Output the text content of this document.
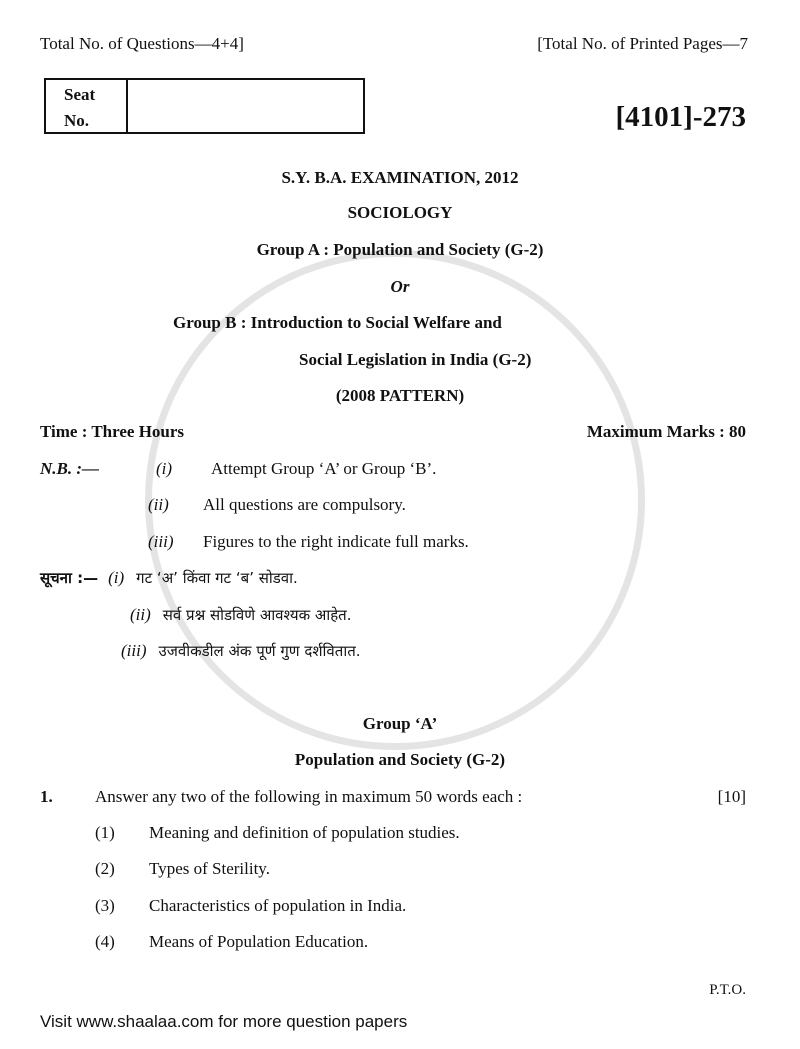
Total No. of Questions—4+4]	[Total No. of Printed Pages—7
Seat
No.	[4101]-273
S.Y. B.A. EXAMINATION, 2012
SOCIOLOGY
Group A : Population and Society (G-2)
Or
Group B : Introduction to Social Welfare and
Social Legislation in India (G-2)
(2008 PATTERN)
Time : Three Hours	Maximum Marks : 80
N.B. :—	(i)	Attempt Group ‘A’ or Group ‘B’.
(ii)	All questions are compulsory.
(iii)	Figures to the right indicate full marks.
सूचना :— (i) गट ‘अ’ किंवा गट ‘ब’ सोडवा.
(ii) सर्व प्रश्न सोडविणे आवश्यक आहेत.
(iii) उजवीकडील अंक पूर्ण गुण दर्शवितात.
Group ‘A’
Population and Society (G-2)
1.	Answer any two of the following in maximum 50 words each :	[10]
(1)	Meaning and definition of population studies.
(2)	Types of Sterility.
(3)	Characteristics of population in India.
(4)	Means of Population Education.
P.T.O.
Visit www.shaalaa.com for more question papers
